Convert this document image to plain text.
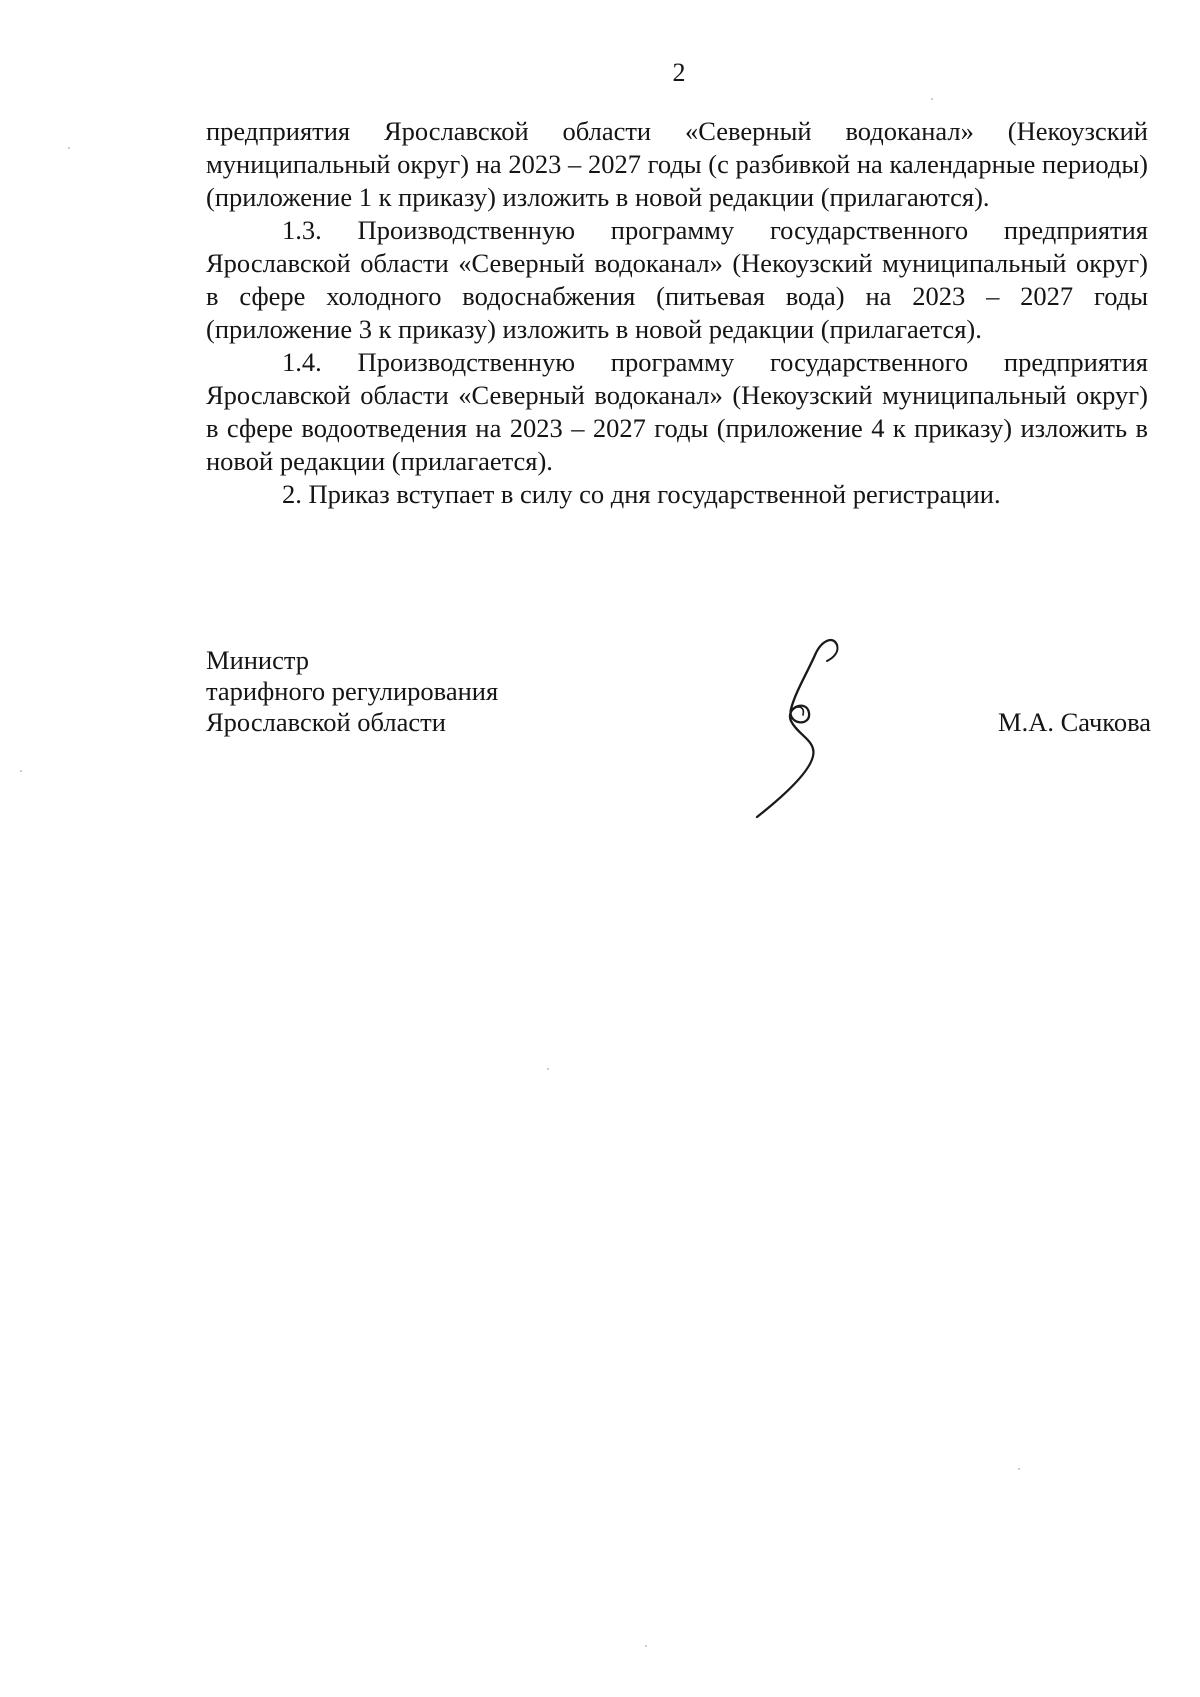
2

предприятия Ярославской области «Северный водоканал» (Некоузский муниципальный округ) на 2023 – 2027 годы (с разбивкой на календарные периоды) (приложение 1 к приказу) изложить в новой редакции (прилагаются).

1.3. Производственную программу государственного предприятия Ярославской области «Северный водоканал» (Некоузский муниципальный округ) в сфере холодного водоснабжения (питьевая вода) на 2023 – 2027 годы (приложение 3 к приказу) изложить в новой редакции (прилагается).

1.4. Производственную программу государственного предприятия Ярославской области «Северный водоканал» (Некоузский муниципальный округ) в сфере водоотведения на 2023 – 2027 годы (приложение 4 к приказу) изложить в новой редакции (прилагается).

2. Приказ вступает в силу со дня государственной регистрации.

Министр
тарифного регулирования
Ярославской области	М.А. Сачкова
